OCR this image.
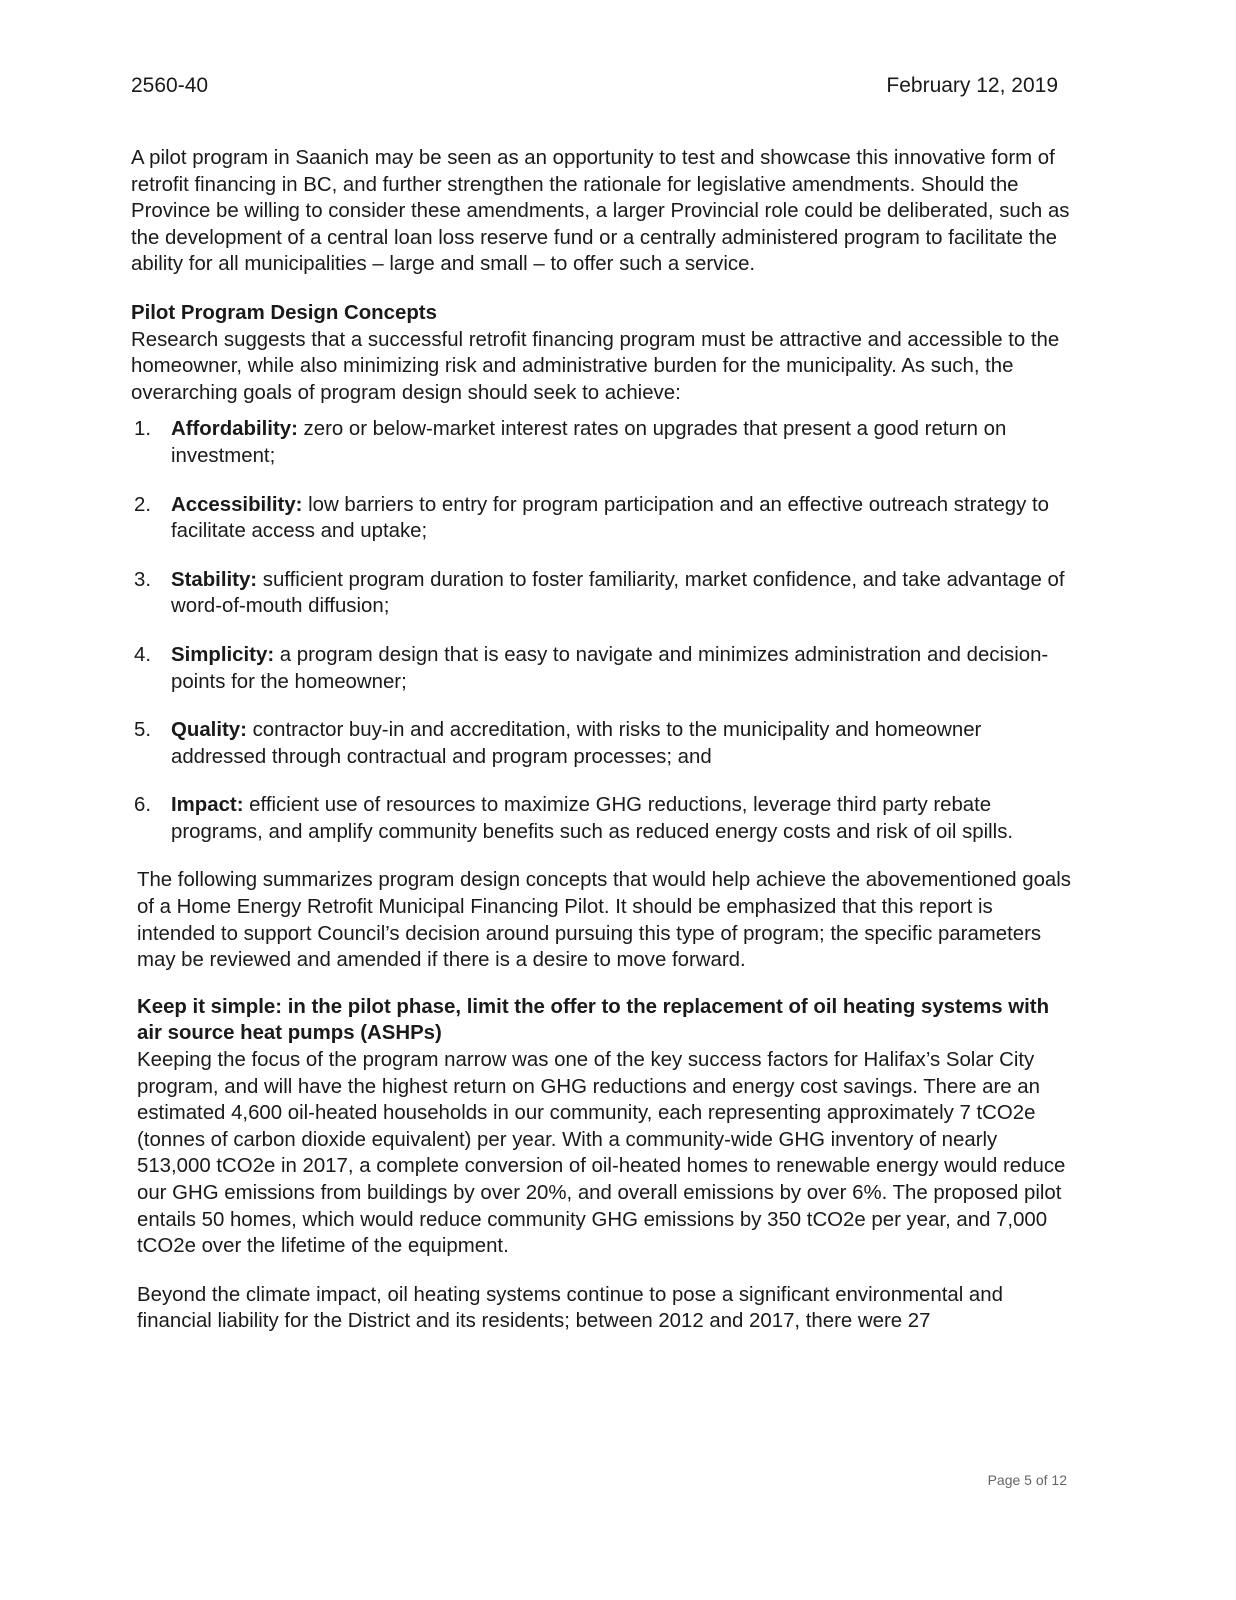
2560-40	February 12, 2019

A pilot program in Saanich may be seen as an opportunity to test and showcase this innovative form of retrofit financing in BC, and further strengthen the rationale for legislative amendments. Should the Province be willing to consider these amendments, a larger Provincial role could be deliberated, such as the development of a central loan loss reserve fund or a centrally administered program to facilitate the ability for all municipalities – large and small – to offer such a service.

Pilot Program Design Concepts

Research suggests that a successful retrofit financing program must be attractive and accessible to the homeowner, while also minimizing risk and administrative burden for the municipality. As such, the overarching goals of program design should seek to achieve:

1. Affordability: zero or below-market interest rates on upgrades that present a good return on investment;
2. Accessibility: low barriers to entry for program participation and an effective outreach strategy to facilitate access and uptake;
3. Stability: sufficient program duration to foster familiarity, market confidence, and take advantage of word-of-mouth diffusion;
4. Simplicity: a program design that is easy to navigate and minimizes administration and decision-points for the homeowner;
5. Quality: contractor buy-in and accreditation, with risks to the municipality and homeowner addressed through contractual and program processes; and
6. Impact: efficient use of resources to maximize GHG reductions, leverage third party rebate programs, and amplify community benefits such as reduced energy costs and risk of oil spills.

The following summarizes program design concepts that would help achieve the abovementioned goals of a Home Energy Retrofit Municipal Financing Pilot. It should be emphasized that this report is intended to support Council’s decision around pursuing this type of program; the specific parameters may be reviewed and amended if there is a desire to move forward.

Keep it simple: in the pilot phase, limit the offer to the replacement of oil heating systems with air source heat pumps (ASHPs)

Keeping the focus of the program narrow was one of the key success factors for Halifax’s Solar City program, and will have the highest return on GHG reductions and energy cost savings. There are an estimated 4,600 oil-heated households in our community, each representing approximately 7 tCO2e (tonnes of carbon dioxide equivalent) per year. With a community-wide GHG inventory of nearly 513,000 tCO2e in 2017, a complete conversion of oil-heated homes to renewable energy would reduce our GHG emissions from buildings by over 20%, and overall emissions by over 6%. The proposed pilot entails 50 homes, which would reduce community GHG emissions by 350 tCO2e per year, and 7,000 tCO2e over the lifetime of the equipment.

Beyond the climate impact, oil heating systems continue to pose a significant environmental and financial liability for the District and its residents; between 2012 and 2017, there were 27

Page 5 of 12
